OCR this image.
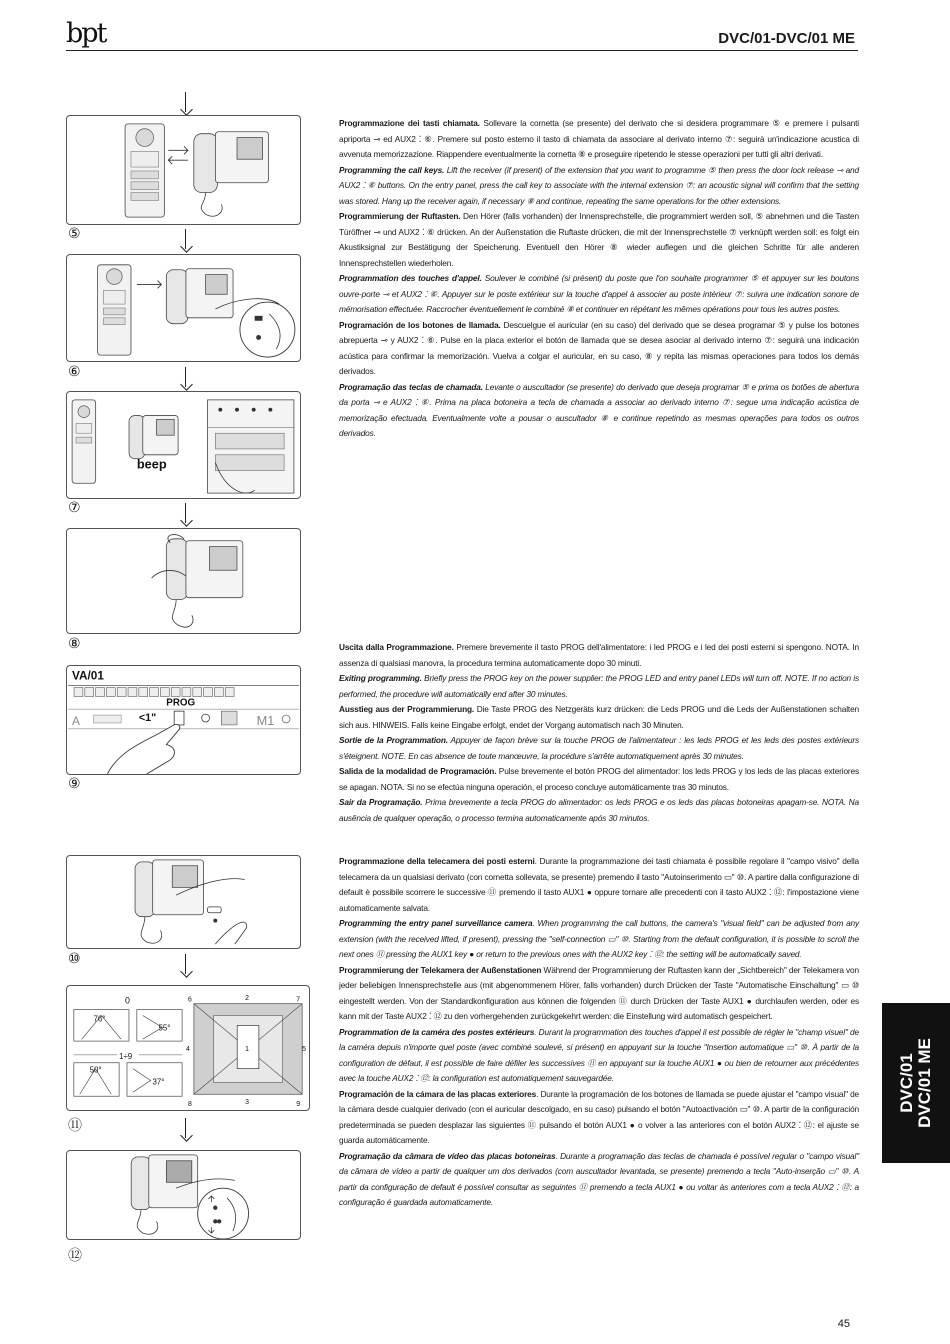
bpt	DVC/01-DVC/01 ME
⑤
⑥
beep
⑦
⑧
VA/01
PROG
A	<1"	M1
⑨
⑩
0
76°
55°
1÷9
50°
37°
6	2	7
4	1	5
8	3	9
⑪
⑫
Programmazione dei tasti chiamata. Sollevare la cornetta (se presente) del derivato che si desidera programmare ⑤ e premere i pulsanti apriporta ⊸ ed AUX2 ⁚ ⑥. Premere sul posto esterno il tasto di chiamata da associare al derivato interno ⑦: seguirà un'indicazione acustica di avvenuta memorizzazione. Riappendere eventualmente la cornetta ⑧ e proseguire ripetendo le stesse operazioni per tutti gli altri derivati.
Programming the call keys. Lift the receiver (if present) of the extension that you want to programme ⑤ then press the door lock release ⊸ and AUX2 ⁚ ⑥ buttons. On the entry panel, press the call key to associate with the internal extension ⑦: an acoustic signal will confirm that the setting was stored. Hang up the receiver again, if necessary ⑧ and continue, repeating the same operations for the other extensions.
Programmierung der Ruftasten. Den Hörer (falls vorhanden) der Innensprechstelle, die programmiert werden soll, ⑤ abnehmen und die Tasten Türöffner ⊸ und AUX2 ⁚ ⑥ drücken. An der Außenstation die Ruftaste drücken, die mit der Innensprechstelle ⑦ verknüpft werden soll: es folgt ein Akustiksignal zur Bestätigung der Speicherung. Eventuell den Hörer ⑧ wieder auflegen und die gleichen Schritte für alle anderen Innensprechstellen wiederholen.
Programmation des touches d'appel. Soulever le combiné (si présent) du poste que l'on souhaite programmer ⑤ et appuyer sur les boutons ouvre-porte ⊸ et AUX2 ⁚ ⑥. Appuyer sur le poste extérieur sur la touche d'appel à associer au poste intérieur ⑦: suivra une indication sonore de mémorisation effectuée. Raccrocher éventuellement le combiné ⑧ et continuer en répétant les mêmes opérations pour tous les autres postes.
Programación de los botones de llamada. Descuelgue el auricular (en su caso) del derivado que se desea programar ⑤ y pulse los botones abrepuerta ⊸ y AUX2 ⁚ ⑥. Pulse en la placa exterior el botón de llamada que se desea asociar al derivado interno ⑦: seguirá una indicación acústica para confirmar la memorización. Vuelva a colgar el auricular, en su caso, ⑧ y repita las mismas operaciones para todos los demás derivados.
Programação das teclas de chamada. Levante o auscultador (se presente) do derivado que deseja programar ⑤ e prima os botões de abertura da porta ⊸ e AUX2 ⁚ ⑥. Prima na placa botoneira a tecla de chamada a associar ao derivado interno ⑦: segue uma indicação acústica de memorização efectuada. Eventualmente volte a pousar o auscultador ⑧ e continue repetindo as mesmas operações para todos os outros derivados.
Uscita dalla Programmazione. Premere brevemente il tasto PROG dell'alimentatore: i led PROG e i led dei posti esterni si spengono. NOTA. In assenza di qualsiasi manovra, la procedura termina automaticamente dopo 30 minuti.
Exiting programming. Briefly press the PROG key on the power supplier: the PROG LED and entry panel LEDs will turn off. NOTE. If no action is performed, the procedure will automatically end after 30 minutes.
Ausstieg aus der Programmierung. Die Taste PROG des Netzgeräts kurz drücken: die Leds PROG und die Leds der Außenstationen schalten sich aus. HINWEIS. Falls keine Eingabe erfolgt, endet der Vorgang automatisch nach 30 Minuten.
Sortie de la Programmation. Appuyer de façon brève sur la touche PROG de l'alimentateur : les leds PROG et les leds des postes extérieurs s'éteignent. NOTE. En cas absence de toute manœuvre, la procédure s'arrête automatiquement après 30 minutes.
Salida de la modalidad de Programación. Pulse brevemente el botón PROG del alimentador: los leds PROG y los leds de las placas exteriores se apagan. NOTA. Si no se efectúa ninguna operación, el proceso concluye automáticamente tras 30 minutos.
Sair da Programação. Prima brevemente a tecla PROG do alimentador: os leds PROG e os leds das placas botoneiras apagam-se. NOTA. Na ausência de qualquer operação, o processo termina automaticamente após 30 minutos.
Programmazione della telecamera dei posti esterni. Durante la programmazione dei tasti chiamata è possibile regolare il "campo visivo" della telecamera da un qualsiasi derivato (con cornetta sollevata, se presente) premendo il tasto "Autoinserimento ▭" ⑩. A partire dalla configurazione di default è possibile scorrere le successive ⑪ premendo il tasto AUX1 ● oppure tornare alle precedenti con il tasto AUX2 ⁚ ⑫: l'impostazione viene automaticamente salvata.
Programming the entry panel surveillance camera. When programming the call buttons, the camera's "visual field" can be adjusted from any extension (with the received lifted, if present), pressing the "self-connection ▭" ⑩. Starting from the default configuration, it is possible to scroll the next ones ⑪ pressing the AUX1 key ● or return to the previous ones with the AUX2 key ⁚ ⑫: the setting will be automatically saved.
Programmierung der Telekamera der Außenstationen Während der Programmierung der Ruftasten kann der „Sichtbereich" der Telekamera von jeder beliebigen Innensprechstelle aus (mit abgenommenem Hörer, falls vorhanden) durch Drücken der Taste "Automatische Einschaltung" ▭ ⑩ eingestellt werden. Von der Standardkonfiguration aus können die folgenden ⑪ durch Drücken der Taste AUX1 ● durchlaufen werden, oder es kann mit der Taste AUX2 ⁚ ⑫ zu den vorhergehenden zurückgekehrt werden: die Einstellung wird automatisch gespeichert.
Programmation de la caméra des postes extérieurs. Durant la programmation des touches d'appel il est possible de régler le "champ visuel" de la caméra depuis n'importe quel poste (avec combiné soulevé, si présent) en appuyant sur la touche "Insertion automatique ▭" ⑩. À partir de la configuration de défaut, il est possible de faire défiler les successives ⑪ en appuyant sur la touche AUX1 ● ou bien de retourner aux précédentes avec la touche AUX2 ⁚ ⑫: la configuration est automatiquement sauvegardée.
Programación de la cámara de las placas exteriores. Durante la programación de los botones de llamada se puede ajustar el "campo visual" de la cámara desde cualquier derivado (con el auricular descolgado, en su caso) pulsando el botón "Autoactivación ▭" ⑩. A partir de la configuración predeterminada se pueden desplazar las siguientes ⑪ pulsando el botón AUX1 ● o volver a las anteriores con el botón AUX2 ⁚ ⑫: el ajuste se guarda automáticamente.
Programação da câmara de vídeo das placas botoneiras. Durante a programação das teclas de chamada é possível regular o "campo visual" da câmara de vídeo a partir de qualquer um dos derivados (com auscultador levantada, se presente) premendo a tecla "Auto-inserção ▭" ⑩. A partir da configuração de default é possível consultar as seguintes ⑪ premendo a tecla AUX1 ● ou voltar às anteriores com a tecla AUX2 ⁚ ⑫: a configuração é guardada automaticamente.
DVC/01 DVC/01 ME
45
